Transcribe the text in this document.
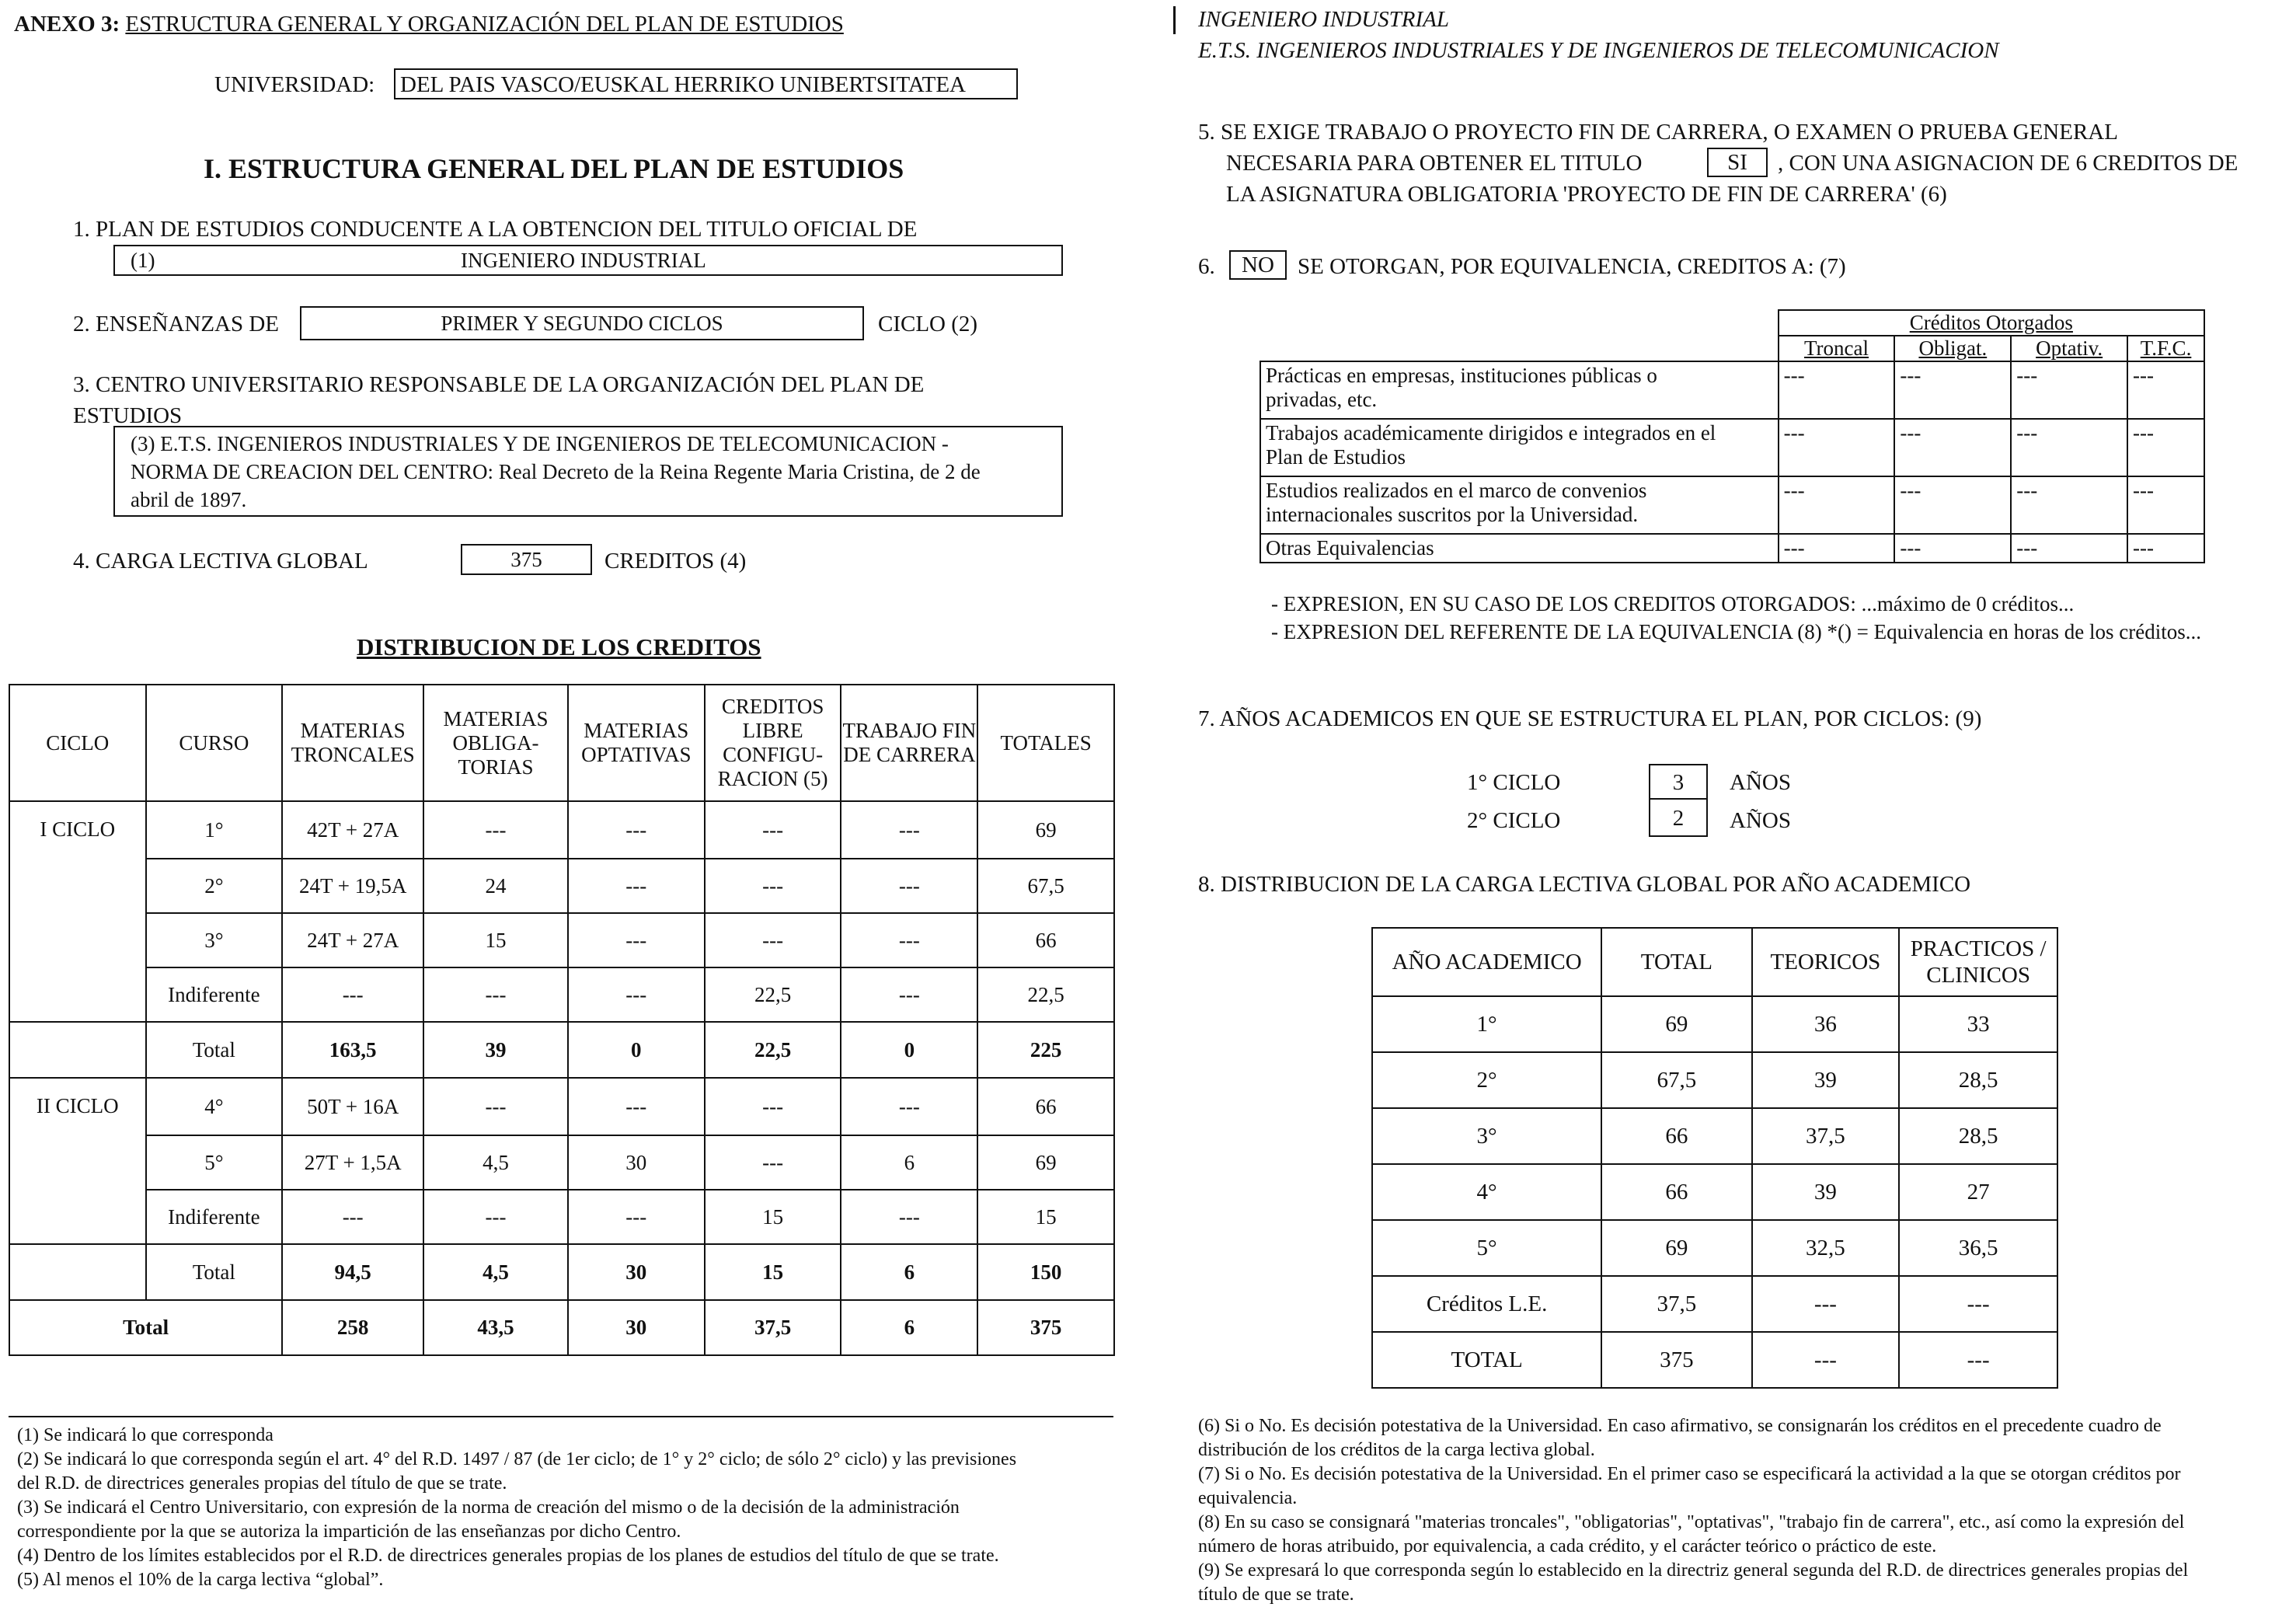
ANEXO 3: ESTRUCTURA GENERAL Y ORGANIZACIÓN DEL PLAN DE ESTUDIOS
UNIVERSIDAD: DEL PAIS VASCO/EUSKAL HERRIKO UNIBERTSITATEA
I. ESTRUCTURA GENERAL DEL PLAN DE ESTUDIOS
1. PLAN DE ESTUDIOS CONDUCENTE A LA OBTENCION DEL TITULO OFICIAL DE
(1)	INGENIERO INDUSTRIAL
2. ENSEÑANZAS DE	PRIMER Y SEGUNDO CICLOS	CICLO (2)
3. CENTRO UNIVERSITARIO RESPONSABLE DE LA ORGANIZACIÓN DEL PLAN DE
ESTUDIOS
(3) E.T.S. INGENIEROS INDUSTRIALES Y DE INGENIEROS DE TELECOMUNICACION -
NORMA DE CREACION DEL CENTRO: Real Decreto de la Reina Regente Maria Cristina, de 2 de
abril de 1897.
4. CARGA LECTIVA GLOBAL	375	CREDITOS (4)
DISTRIBUCION DE LOS CREDITOS
CICLO	CURSO	MATERIAS TRONCALES	MATERIAS OBLIGA-TORIAS	MATERIAS OPTATIVAS	CREDITOS LIBRE CONFIGU-RACION (5)	TRABAJO FIN DE CARRERA	TOTALES
I CICLO	1°	42T + 27A	---	---	---	---	69
	2°	24T + 19,5A	24	---	---	---	67,5
	3°	24T + 27A	15	---	---	---	66
	Indiferente	---	---	---	22,5	---	22,5
	Total	163,5	39	0	22,5	0	225
II CICLO	4°	50T + 16A	---	---	---	---	66
	5°	27T + 1,5A	4,5	30	---	6	69
	Indiferente	---	---	---	15	---	15
	Total	94,5	4,5	30	15	6	150
Total		258	43,5	30	37,5	6	375
(1) Se indicará lo que corresponda
(2) Se indicará lo que corresponda según el art. 4° del R.D. 1497 / 87 (de 1er ciclo; de 1° y 2° ciclo; de sólo 2° ciclo) y las previsiones
del R.D. de directrices generales propias del título de que se trate.
(3) Se indicará el Centro Universitario, con expresión de la norma de creación del mismo o de la decisión de la administración
correspondiente por la que se autoriza la impartición de las enseñanzas por dicho Centro.
(4) Dentro de los límites establecidos por el R.D. de directrices generales propias de los planes de estudios del título de que se trate.
(5) Al menos el 10% de la carga lectiva “global”.
INGENIERO INDUSTRIAL
E.T.S. INGENIEROS INDUSTRIALES Y DE INGENIEROS DE TELECOMUNICACION
5. SE EXIGE TRABAJO O PROYECTO FIN DE CARRERA, O EXAMEN O PRUEBA GENERAL
NECESARIA PARA OBTENER EL TITULO	SI	, CON UNA ASIGNACION DE 6 CREDITOS DE
LA ASIGNATURA OBLIGATORIA 'PROYECTO DE FIN DE CARRERA' (6)
6.	NO	SE OTORGAN, POR EQUIVALENCIA, CREDITOS A: (7)
	Créditos Otorgados			
	Troncal	Obligat.	Optativ.	T.F.C.

Prácticas en empresas, instituciones públicas o
privadas, etc.	---	---	---	---

Trabajos académicamente dirigidos e integrados en el
Plan de Estudios	---	---	---	---

Estudios realizados en el marco de convenios
internacionales suscritos por la Universidad.	---	---	---	---

Otras Equivalencias	---	---	---	---
- EXPRESION, EN SU CASO DE LOS CREDITOS OTORGADOS: ...máximo de 0 créditos...
- EXPRESION DEL REFERENTE DE LA EQUIVALENCIA (8) *() = Equivalencia en horas de los créditos...
7. AÑOS ACADEMICOS EN QUE SE ESTRUCTURA EL PLAN, POR CICLOS: (9)
1° CICLO	3	AÑOS
2° CICLO	2	AÑOS
8. DISTRIBUCION DE LA CARGA LECTIVA GLOBAL POR AÑO ACADEMICO
AÑO ACADEMICO	TOTAL	TEORICOS	PRACTICOS / CLINICOS
1°	69	36	33
2°	67,5	39	28,5
3°	66	37,5	28,5
4°	66	39	27
5°	69	32,5	36,5
Créditos L.E.	37,5	---	---
TOTAL	375	---	---
(6) Si o No. Es decisión potestativa de la Universidad. En caso afirmativo, se consignarán los créditos en el precedente cuadro de
distribución de los créditos de la carga lectiva global.
(7) Si o No. Es decisión potestativa de la Universidad. En el primer caso se especificará la actividad a la que se otorgan créditos por
equivalencia.
(8) En su caso se consignará "materias troncales", "obligatorias", "optativas", "trabajo fin de carrera", etc., así como la expresión del
número de horas atribuido, por equivalencia, a cada crédito, y el carácter teórico o práctico de este.
(9) Se expresará lo que corresponda según lo establecido en la directriz general segunda del R.D. de directrices generales propias del
título de que se trate.
